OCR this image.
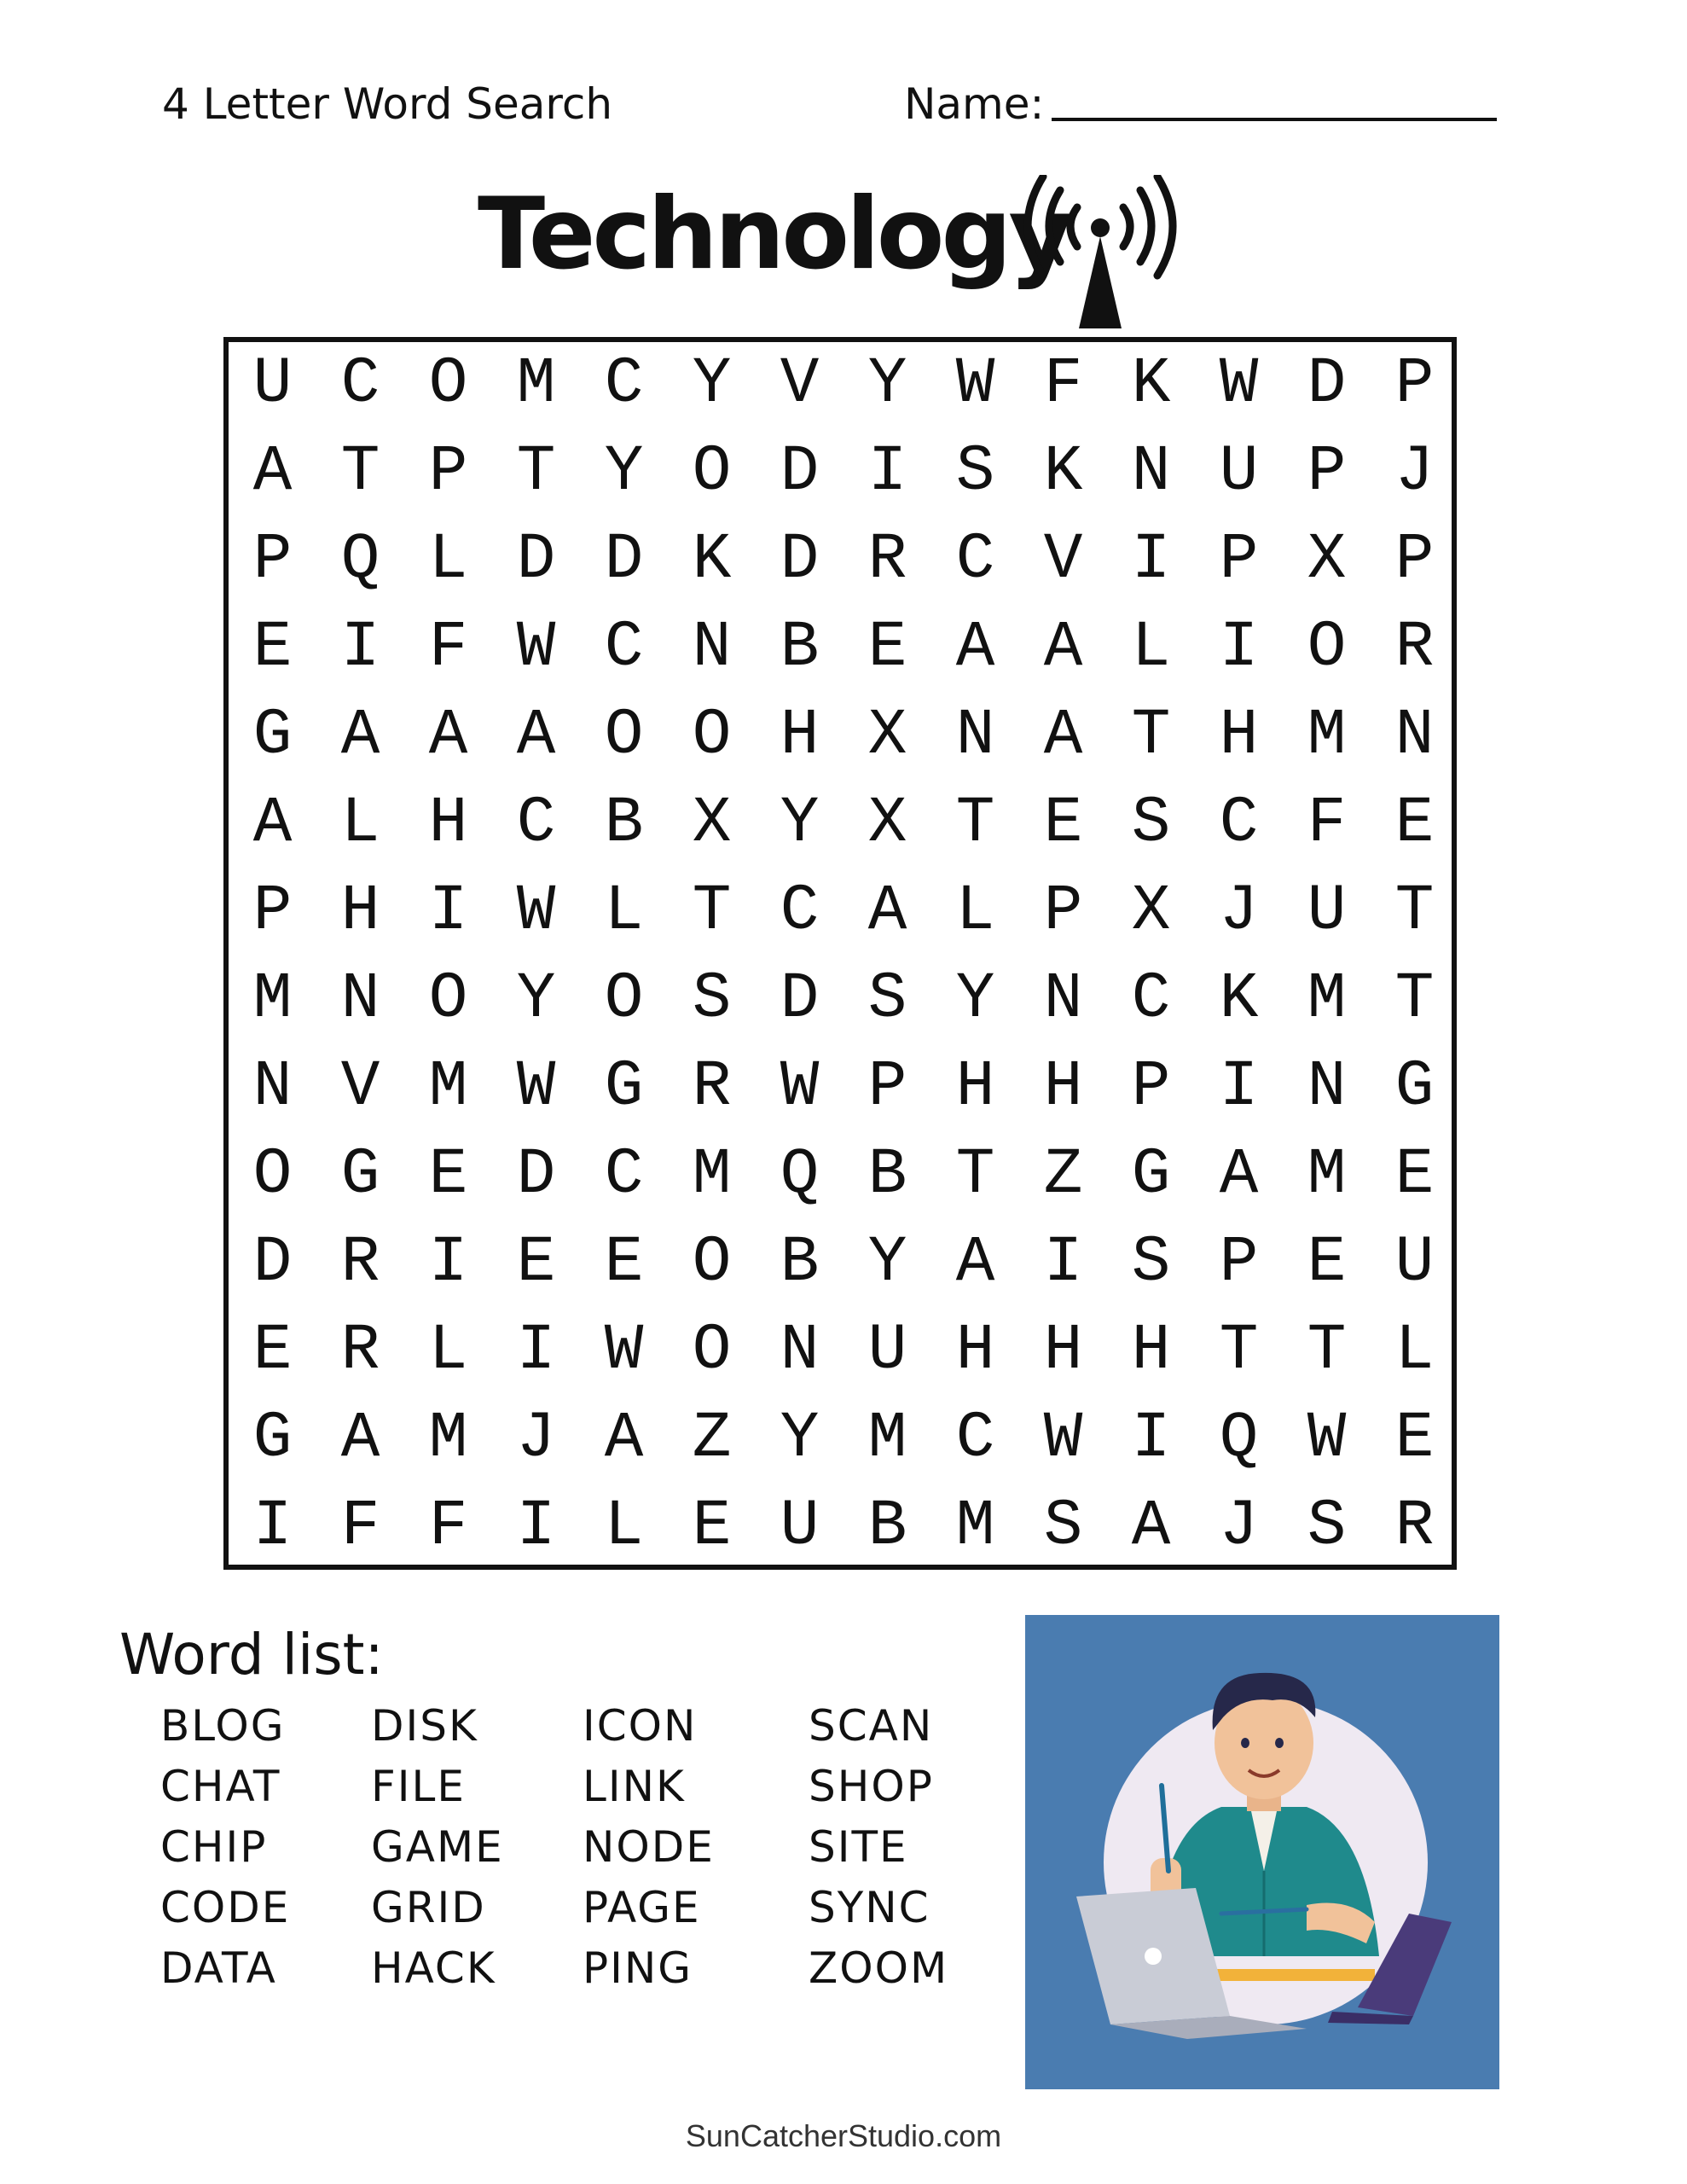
4 Letter Word Search	Name:
Technology
U C O M C Y V Y W F K W D P
A T P T Y O D I S K N U P J
P Q L D D K D R C V I P X P
E I F W C N B E A A L I O R
G A A A O O H X N A T H M N
A L H C B X Y X T E S C F E
P H I W L T C A L P X J U T
M N O Y O S D S Y N C K M T
N V M W G R W P H H P I N G
O G E D C M Q B T Z G A M E
D R I E E O B Y A I S P E U
E R L I W O N U H H H T T L
G A M J A Z Y M C W I Q W E
I F F I L E U B M S A J S R
Word list:
BLOG
CHAT
CHIP
CODE
DATA
DISK
FILE
GAME
GRID
HACK
ICON
LINK
NODE
PAGE
PING
SCAN
SHOP
SITE
SYNC
ZOOM
SunCatcherStudio.com
